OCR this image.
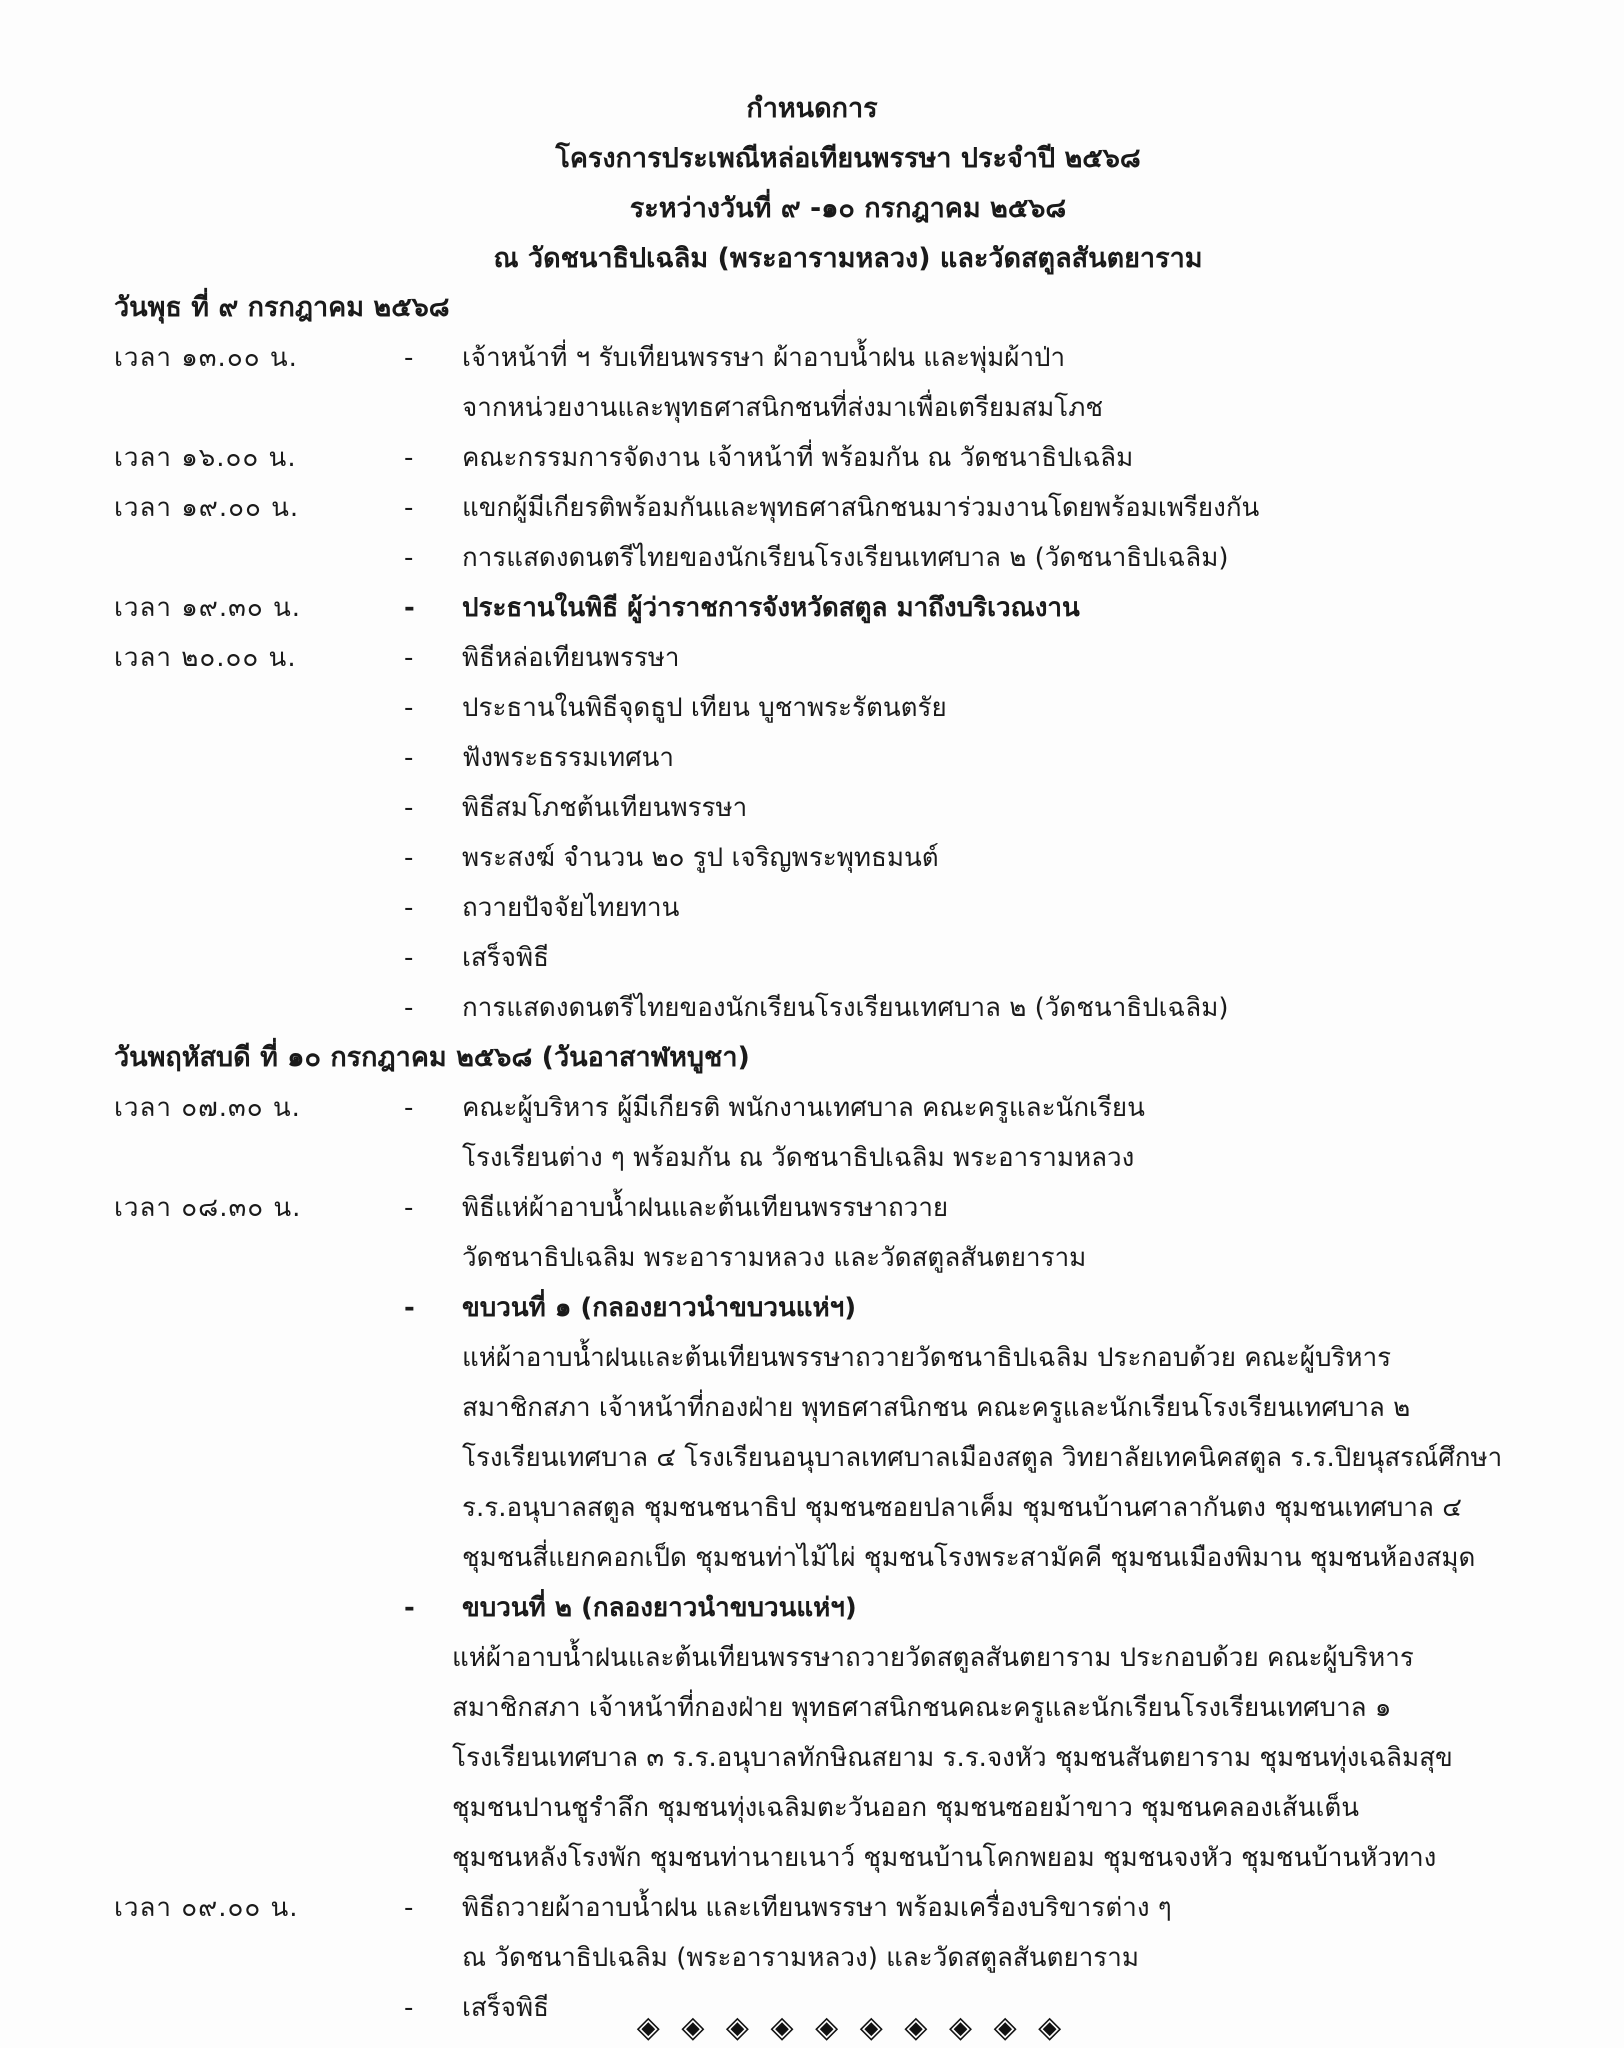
กำหนดการ
โครงการประเพณีหล่อเทียนพรรษา ประจำปี ๒๕๖๘
ระหว่างวันที่ ๙ -๑๐ กรกฎาคม ๒๕๖๘
ณ วัดชนาธิปเฉลิม (พระอารามหลวง) และวัดสตูลสันตยาราม
วันพุธ ที่ ๙ กรกฎาคม ๒๕๖๘
เวลา ๑๓.๐๐ น.	- เจ้าหน้าที่ ฯ รับเทียนพรรษา ผ้าอาบน้ำฝน และพุ่มผ้าป่า
จากหน่วยงานและพุทธศาสนิกชนที่ส่งมาเพื่อเตรียมสมโภช
เวลา ๑๖.๐๐ น.	- คณะกรรมการจัดงาน เจ้าหน้าที่ พร้อมกัน ณ วัดชนาธิปเฉลิม
เวลา ๑๙.๐๐ น.	- แขกผู้มีเกียรติพร้อมกันและพุทธศาสนิกชนมาร่วมงานโดยพร้อมเพรียงกัน
- การแสดงดนตรีไทยของนักเรียนโรงเรียนเทศบาล ๒ (วัดชนาธิปเฉลิม)
เวลา ๑๙.๓๐ น.	- ประธานในพิธี ผู้ว่าราชการจังหวัดสตูล มาถึงบริเวณงาน
เวลา ๒๐.๐๐ น.	- พิธีหล่อเทียนพรรษา
- ประธานในพิธีจุดธูป เทียน บูชาพระรัตนตรัย
- ฟังพระธรรมเทศนา
- พิธีสมโภชต้นเทียนพรรษา
- พระสงฆ์ จำนวน ๒๐ รูป เจริญพระพุทธมนต์
- ถวายปัจจัยไทยทาน
- เสร็จพิธี
- การแสดงดนตรีไทยของนักเรียนโรงเรียนเทศบาล ๒ (วัดชนาธิปเฉลิม)
วันพฤหัสบดี ที่ ๑๐ กรกฎาคม ๒๕๖๘ (วันอาสาฬหบูชา)
เวลา ๐๗.๓๐ น.	- คณะผู้บริหาร ผู้มีเกียรติ พนักงานเทศบาล คณะครูและนักเรียน
โรงเรียนต่าง ๆ พร้อมกัน ณ วัดชนาธิปเฉลิม พระอารามหลวง
เวลา ๐๘.๓๐ น.	- พิธีแห่ผ้าอาบน้ำฝนและต้นเทียนพรรษาถวาย
วัดชนาธิปเฉลิม พระอารามหลวง และวัดสตูลสันตยาราม
- ขบวนที่ ๑ (กลองยาวนำขบวนแห่ฯ)
แห่ผ้าอาบน้ำฝนและต้นเทียนพรรษาถวายวัดชนาธิปเฉลิม ประกอบด้วย คณะผู้บริหาร
สมาชิกสภา เจ้าหน้าที่กองฝ่าย พุทธศาสนิกชน คณะครูและนักเรียนโรงเรียนเทศบาล ๒
โรงเรียนเทศบาล ๔ โรงเรียนอนุบาลเทศบาลเมืองสตูล วิทยาลัยเทคนิคสตูล ร.ร.ปิยนุสรณ์ศึกษา
ร.ร.อนุบาลสตูล ชุมชนชนาธิป ชุมชนซอยปลาเค็ม ชุมชนบ้านศาลากันตง ชุมชนเทศบาล ๔
ชุมชนสี่แยกคอกเป็ด ชุมชนท่าไม้ไผ่ ชุมชนโรงพระสามัคคี ชุมชนเมืองพิมาน ชุมชนห้องสมุด
- ขบวนที่ ๒ (กลองยาวนำขบวนแห่ฯ)
แห่ผ้าอาบน้ำฝนและต้นเทียนพรรษาถวายวัดสตูลสันตยาราม ประกอบด้วย คณะผู้บริหาร
สมาชิกสภา เจ้าหน้าที่กองฝ่าย พุทธศาสนิกชนคณะครูและนักเรียนโรงเรียนเทศบาล ๑
โรงเรียนเทศบาล ๓ ร.ร.อนุบาลทักษิณสยาม ร.ร.จงหัว ชุมชนสันตยาราม ชุมชนทุ่งเฉลิมสุข
ชุมชนปานชูรำลึก ชุมชนทุ่งเฉลิมตะวันออก ชุมชนซอยม้าขาว ชุมชนคลองเส้นเต็น
ชุมชนหลังโรงพัก ชุมชนท่านายเนาว์ ชุมชนบ้านโคกพยอม ชุมชนจงหัว ชุมชนบ้านหัวทาง
เวลา ๐๙.๐๐ น.	- พิธีถวายผ้าอาบน้ำฝน และเทียนพรรษา พร้อมเครื่องบริขารต่าง ๆ
ณ วัดชนาธิปเฉลิม (พระอารามหลวง) และวัดสตูลสันตยาราม
- เสร็จพิธี
◈ ◈ ◈ ◈ ◈ ◈ ◈ ◈ ◈ ◈
